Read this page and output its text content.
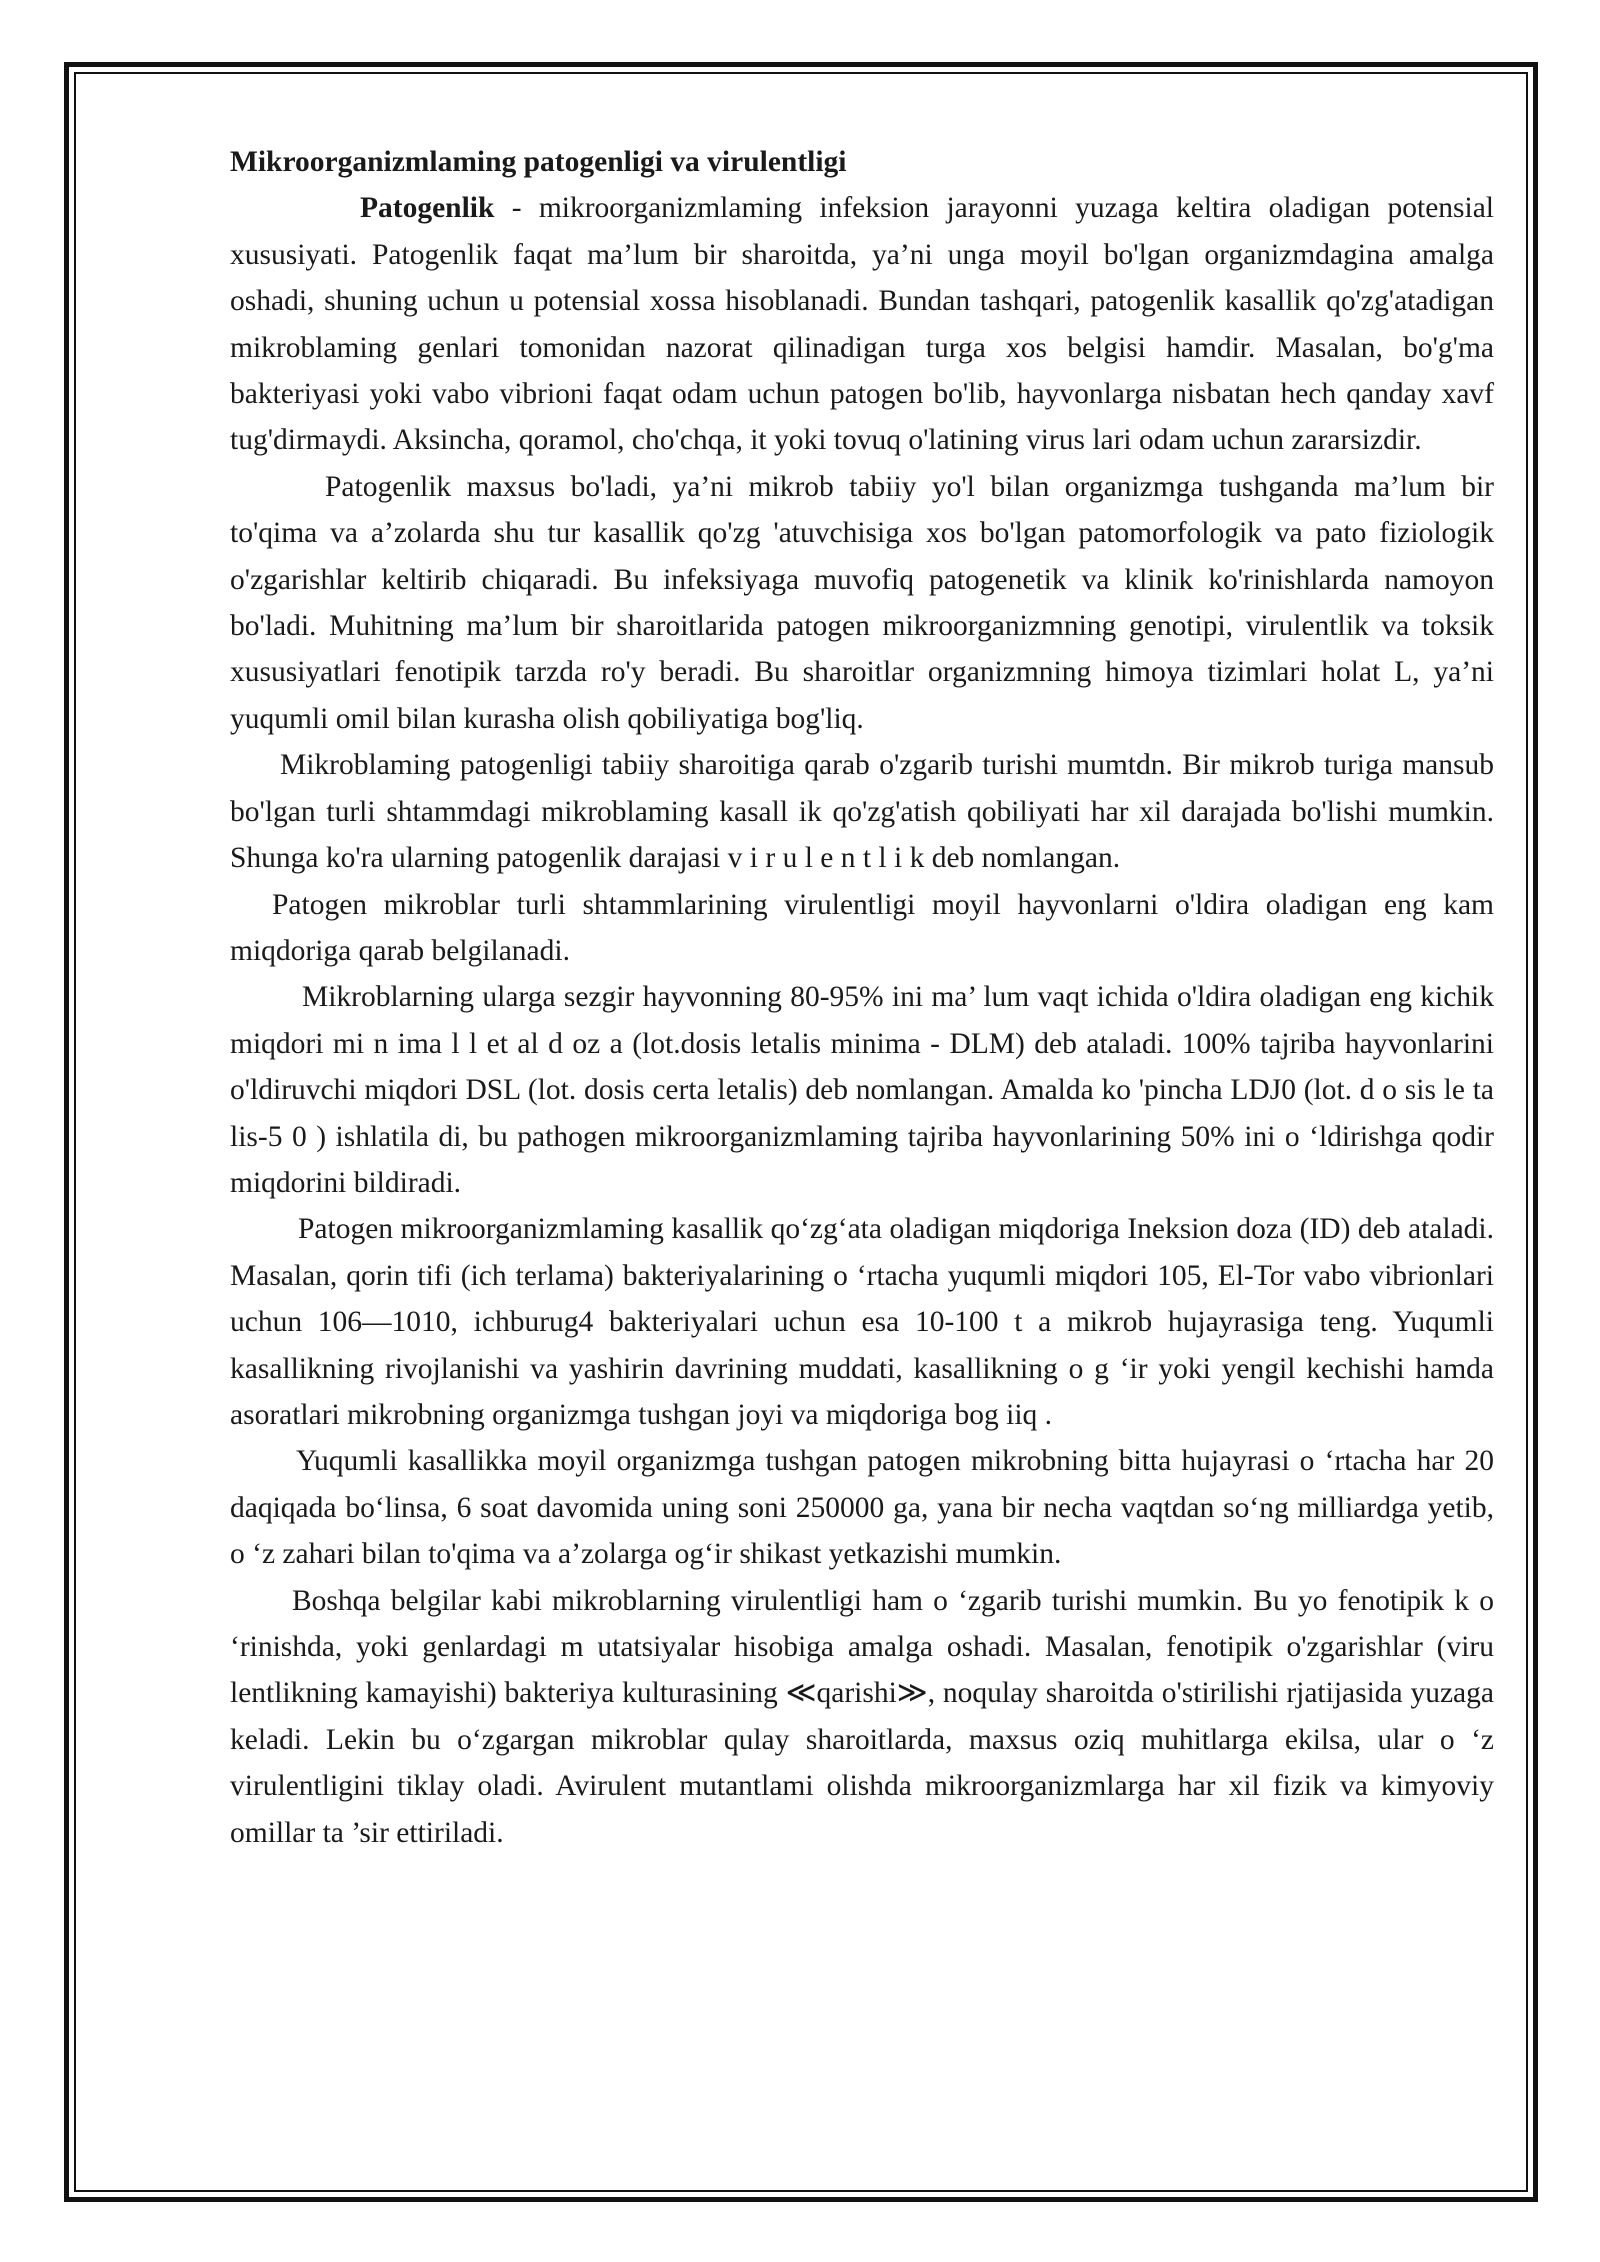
Mikroorganizmlaming patogenligi va virulentligi

Patogenlik - mikroorganizmlaming infeksion jarayonni yuzaga keltira oladigan potensial xususiyati. Patogenlik faqat ma’lum bir sharoitda, ya’ni unga moyil bo'lgan organizmdagina amalga oshadi, shuning uchun u potensial xossa hisoblanadi. Bundan tashqari, patogenlik kasallik qo'zg'atadigan mikroblaming genlari tomonidan nazorat qilinadigan turga xos belgisi hamdir. Masalan, bo'g'ma bakteriyasi yoki vabo vibrioni faqat odam uchun patogen bo'lib, hayvonlarga nisbatan hech qanday xavf tug'dirmaydi. Aksincha, qoramol, cho'chqa, it yoki tovuq o'latining virus lari odam uchun zararsizdir.

Patogenlik maxsus bo'ladi, ya’ni mikrob tabiiy yo'l bilan organizmga tushganda ma’lum bir to'qima va a’zolarda shu tur kasallik qo'zg 'atuvchisiga xos bo'lgan patomorfologik va pato fiziologik o'zgarishlar keltirib chiqaradi. Bu infeksiyaga muvofiq patogenetik va klinik ko'rinishlarda namoyon bo'ladi. Muhitning ma’lum bir sharoitlarida patogen mikroorganizmning genotipi, virulentlik va toksik xususiyatlari fenotipik tarzda ro'y beradi. Bu sharoitlar organizmning himoya tizimlari holat L, ya’ni yuqumli omil bilan kurasha olish qobiliyatiga bog'liq.

Mikroblaming patogenligi tabiiy sharoitiga qarab o'zgarib turishi mumtdn. Bir mikrob turiga mansub bo'lgan turli shtammdagi mikroblaming kasall ik qo'zg'atish qobiliyati har xil darajada bo'lishi mumkin. Shunga ko'ra ularning patogenlik darajasi v i r u l e n t l i k deb nomlangan.

Patogen mikroblar turli shtammlarining virulentligi moyil hayvonlarni o'ldira oladigan eng kam miqdoriga qarab belgilanadi.

Mikroblarning ularga sezgir hayvonning 80-95% ini ma’ lum vaqt ichida o'ldira oladigan eng kichik miqdori mi n ima l l et al d oz a (lot.dosis letalis minima - DLM) deb ataladi. 100% tajriba hayvonlarini o'ldiruvchi miqdori DSL (lot. dosis certa letalis) deb nomlangan. Amalda ko 'pincha LDJ0 (lot. d o sis le ta lis-5 0 ) ishlatila di, bu pathogen mikroorganizmlaming tajriba hayvonlarining 50% ini o ‘ldirishga qodir miqdorini bildiradi.

Patogen mikroorganizmlaming kasallik qo‘zg‘ata oladigan miqdoriga Ineksion doza (ID) deb ataladi. Masalan, qorin tifi (ich terlama) bakteriyalarining o ‘rtacha yuqumli miqdori 105, El-Tor vabo vibrionlari uchun 106—1010, ichburug4 bakteriyalari uchun esa 10-100 t a mikrob hujayrasiga teng. Yuqumli kasallikning rivojlanishi va yashirin davrining muddati, kasallikning o g ‘ir yoki yengil kechishi hamda asoratlari mikrobning organizmga tushgan joyi va miqdoriga bog iiq .

Yuqumli kasallikka moyil organizmga tushgan patogen mikrobning bitta hujayrasi o ‘rtacha har 20 daqiqada bo‘linsa, 6 soat davomida uning soni 250000 ga, yana bir necha vaqtdan so‘ng milliardga yetib, o ‘z zahari bilan to'qima va a’zolarga og‘ir shikast yetkazishi mumkin.

Boshqa belgilar kabi mikroblarning virulentligi ham o ‘zgarib turishi mumkin. Bu yo fenotipik k o ‘rinishda, yoki genlardagi m utatsiyalar hisobiga amalga oshadi. Masalan, fenotipik o'zgarishlar (viru lentlikning kamayishi) bakteriya kulturasining ≪qarishi≫, noqulay sharoitda o'stirilishi rjatijasida yuzaga keladi. Lekin bu o‘zgargan mikroblar qulay sharoitlarda, maxsus oziq muhitlarga ekilsa, ular o ‘z virulentligini tiklay oladi. Avirulent mutantlami olishda mikroorganizmlarga har xil fizik va kimyoviy omillar ta ’sir ettiriladi.
